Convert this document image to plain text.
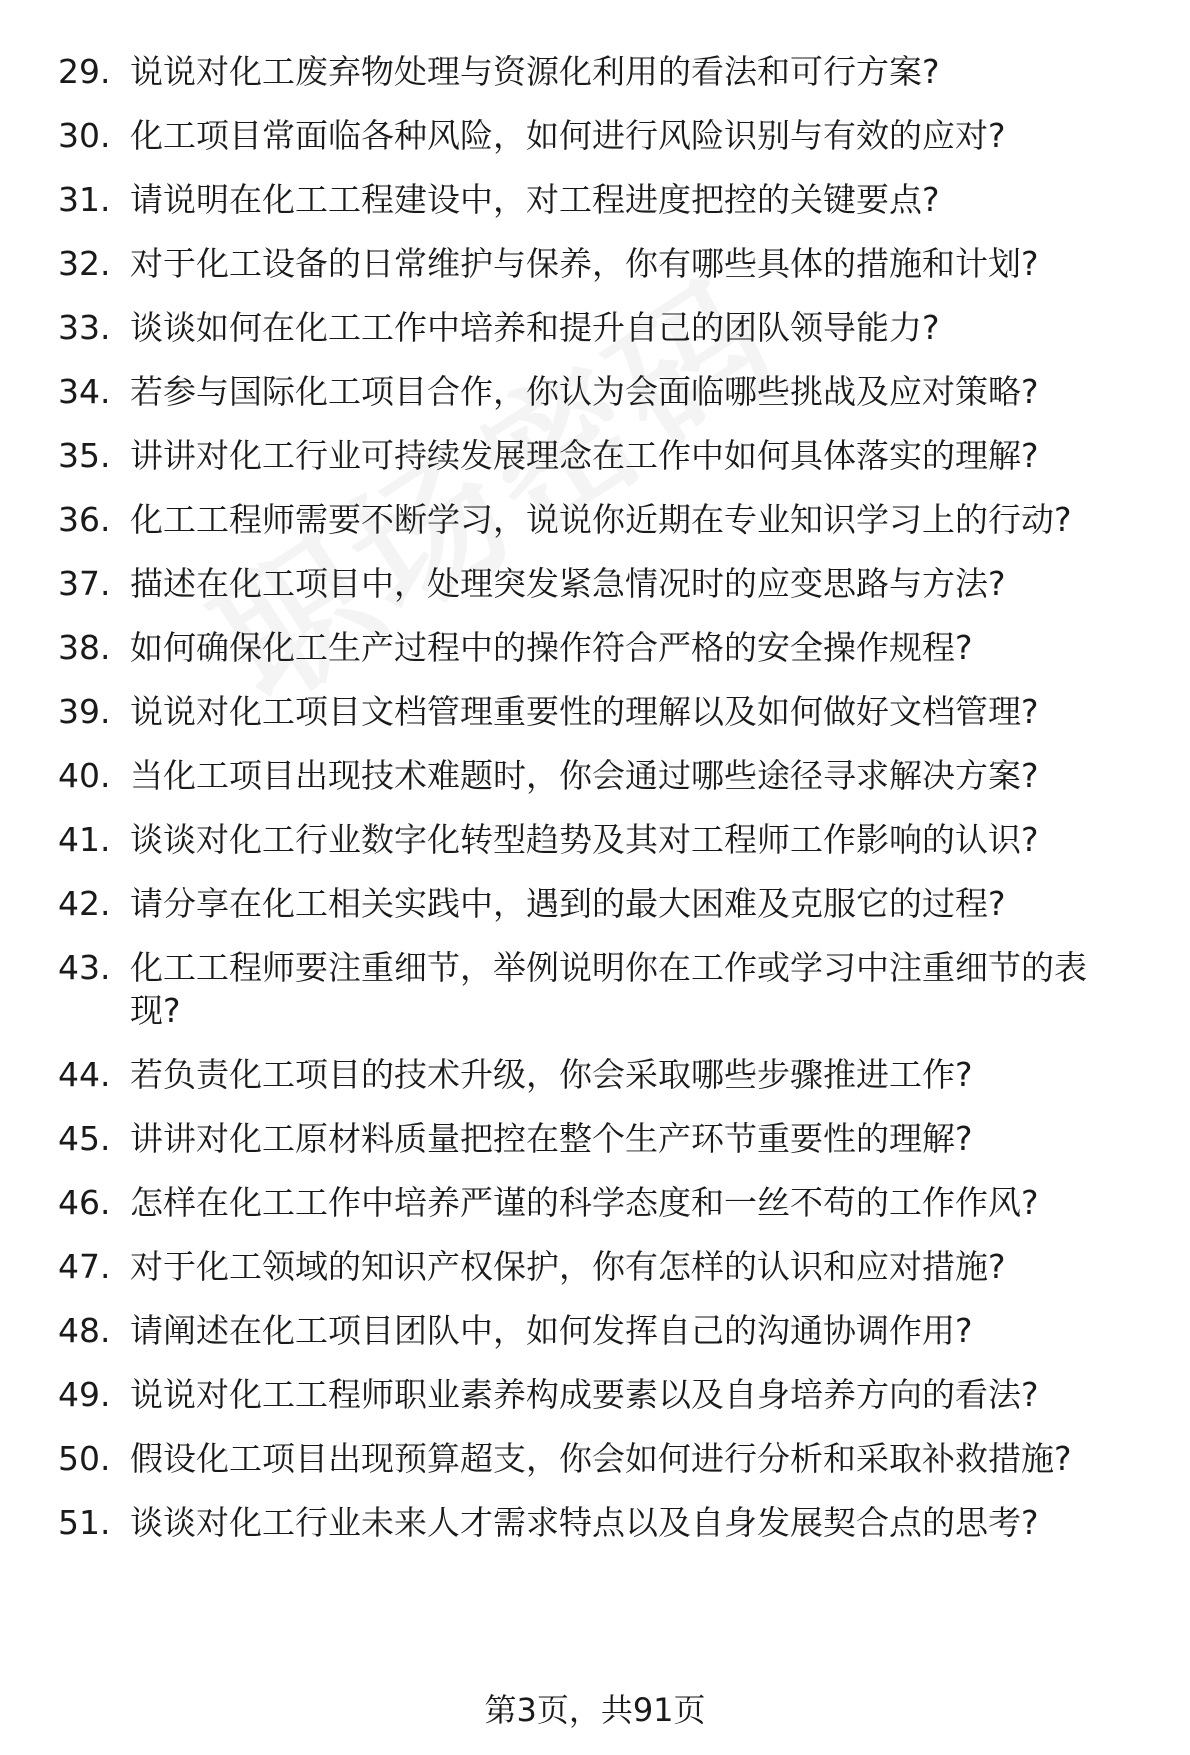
29. 说说对化工废弃物处理与资源化利用的看法和可行方案?
30. 化工项目常面临各种风险，如何进行风险识别与有效的应对?
31. 请说明在化工工程建设中，对工程进度把控的关键要点?
32. 对于化工设备的日常维护与保养，你有哪些具体的措施和计划?
33. 谈谈如何在化工工作中培养和提升自己的团队领导能力?
34. 若参与国际化工项目合作，你认为会面临哪些挑战及应对策略?
35. 讲讲对化工行业可持续发展理念在工作中如何具体落实的理解?
36. 化工工程师需要不断学习，说说你近期在专业知识学习上的行动?
37. 描述在化工项目中，处理突发紧急情况时的应变思路与方法?
38. 如何确保化工生产过程中的操作符合严格的安全操作规程?
39. 说说对化工项目文档管理重要性的理解以及如何做好文档管理?
40. 当化工项目出现技术难题时，你会通过哪些途径寻求解决方案?
41. 谈谈对化工行业数字化转型趋势及其对工程师工作影响的认识?
42. 请分享在化工相关实践中，遇到的最大困难及克服它的过程?
43. 化工工程师要注重细节，举例说明你在工作或学习中注重细节的表现?
44. 若负责化工项目的技术升级，你会采取哪些步骤推进工作?
45. 讲讲对化工原材料质量把控在整个生产环节重要性的理解?
46. 怎样在化工工作中培养严谨的科学态度和一丝不苟的工作作风?
47. 对于化工领域的知识产权保护，你有怎样的认识和应对措施?
48. 请阐述在化工项目团队中，如何发挥自己的沟通协调作用?
49. 说说对化工工程师职业素养构成要素以及自身培养方向的看法?
50. 假设化工项目出现预算超支，你会如何进行分析和采取补救措施?
51. 谈谈对化工行业未来人才需求特点以及自身发展契合点的思考?
第3页，共91页
